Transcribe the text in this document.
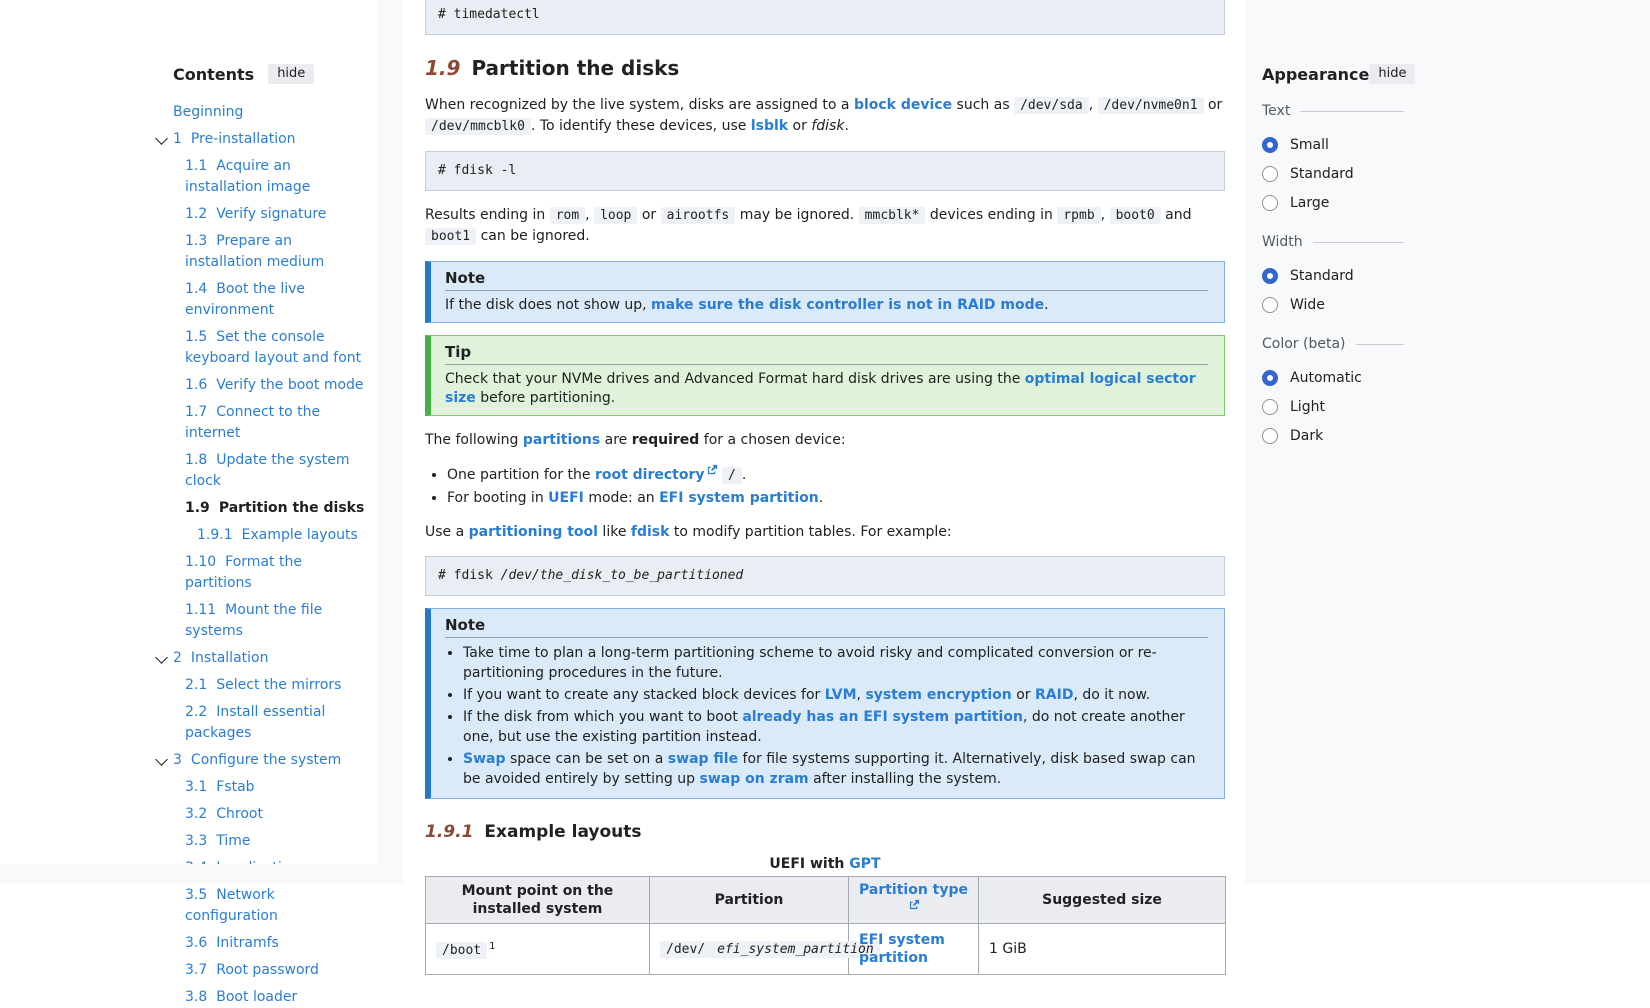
Contents	hide
Beginning
1 Pre-installation
1.1 Acquire an installation image
1.2 Verify signature
1.3 Prepare an installation medium
1.4 Boot the live environment
1.5 Set the console keyboard layout and font
1.6 Verify the boot mode
1.7 Connect to the internet
1.8 Update the system clock
1.9 Partition the disks
1.9.1 Example layouts
1.10 Format the partitions
1.11 Mount the file systems
2 Installation
2.1 Select the mirrors
2.2 Install essential packages
3 Configure the system
3.1 Fstab
3.2 Chroot
3.3 Time
3.5 Network configuration
3.6 Initramfs
3.7 Root password
3.8 Boot loader
# timedatectl
1.9 Partition the disks

When recognized by the live system, disks are assigned to a block device such as /dev/sda , /dev/nvme0n1 or /dev/mmcblk0 . To identify these devices, use lsblk or fdisk.

# fdisk -l

Results ending in rom , loop or airootfs may be ignored. mmcblk* devices ending in rpmb , boot0 and boot1 can be ignored.

Note
If the disk does not show up, make sure the disk controller is not in RAID mode.
Tip
Check that your NVMe drives and Advanced Format hard disk drives are using the optimal logical sector size before partitioning.

The following partitions are required for a chosen device:

• One partition for the root directory / .
• For booting in UEFI mode: an EFI system partition.

Use a partitioning tool like fdisk to modify partition tables. For example:

# fdisk /dev/the_disk_to_be_partitioned
Note
• Take time to plan a long-term partitioning scheme to avoid risky and complicated conversion or re-partitioning procedures in the future.
• If you want to create any stacked block devices for LVM, system encryption or RAID, do it now.
• If the disk from which you want to boot already has an EFI system partition, do not create another one, but use the existing partition instead.
• Swap space can be set on a swap file for file systems supporting it. Alternatively, disk based swap can be avoided entirely by setting up swap on zram after installing the system.
1.9.1 Example layouts
UEFI with GPT
Mount point on the installed system	Partition	Partition type	Suggested size
/boot $^1$	/dev/ efi_system_partition	EFI system partition	1 GiB
Appearance hide
Text
Small
Standard
Large
Width
Standard
Wide
Color (beta)
Automatic
Light
Dark
